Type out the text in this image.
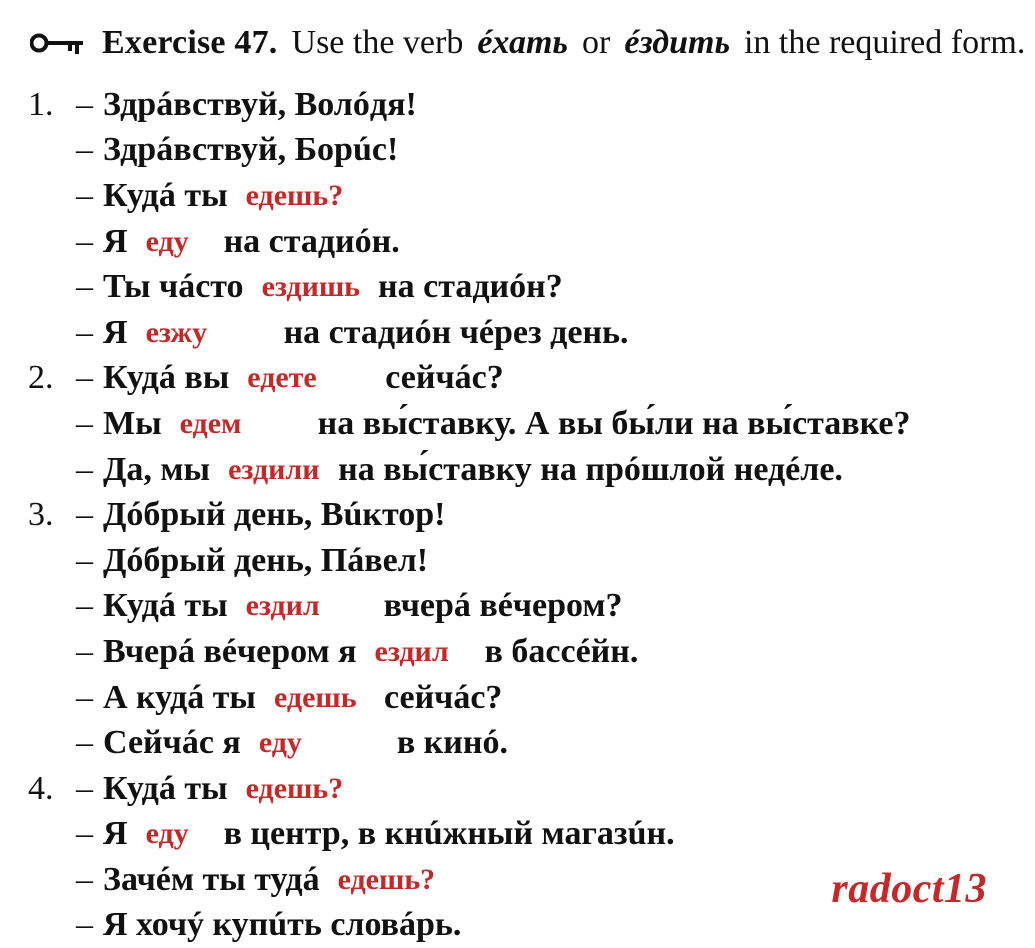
Exercise 47. Use the verb éхать or éздить in the required form.
1. – Здрáвствуй, Волóдя!
– Здрáвствуй, Борúс!
– Кудá ты едешь?
– Я еду	на стадиóн.
– Ты чáсто ездишь на стадиóн?
– Я езжу	на стадиóн чéрез день.
2. – Кудá вы едете	сейчáс?
– Мы едем	на вы́ставку. А вы бы́ли на вы́ставке?
– Да, мы ездили на вы́ставку на прóшлой недéле.
3. – Дóбрый день, Вúктор!
– Дóбрый день, Пáвел!
– Кудá ты ездил	вчерá вéчером?
– Вчерá вéчером я ездил	в бассéйн.
– А кудá ты едешь сейчáс?
– Сейчáс я еду	в кинó.
4. – Кудá ты едешь?
– Я еду	в центр, в кнúжный магазúн.
– Зачéм ты тудá едешь?
– Я хочý купúть словáрь.
radoct13
